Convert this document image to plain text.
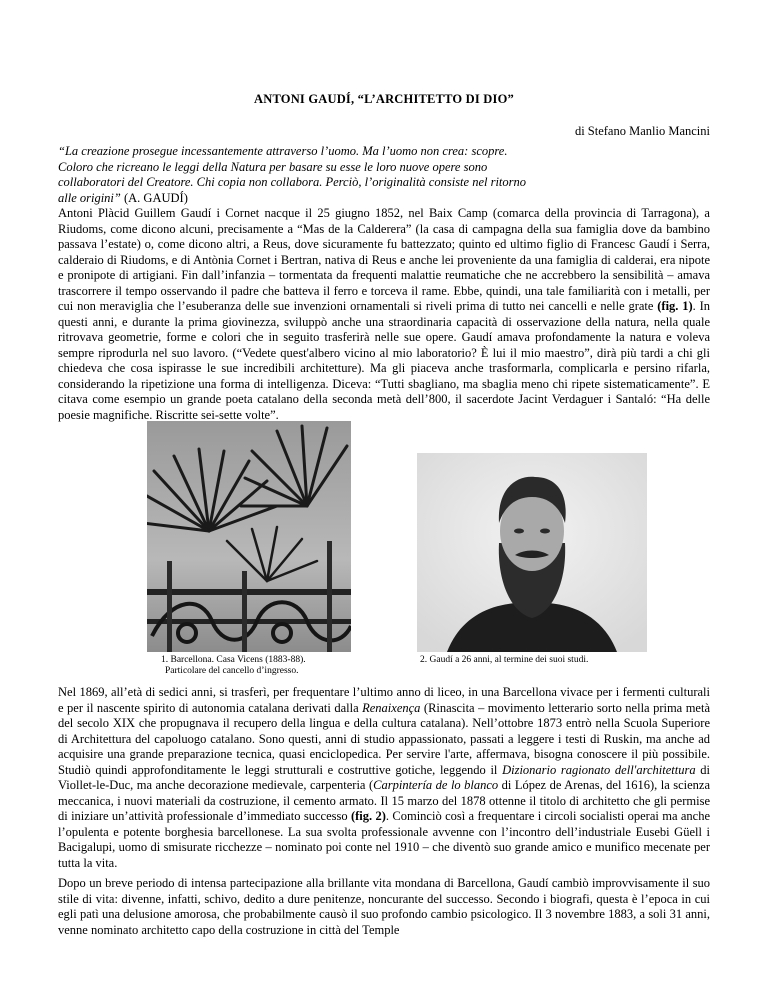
ANTONI GAUDÍ, “L’ARCHITETTO DI DIO”
di Stefano Manlio Mancini
“La creazione prosegue incessantemente attraverso l’uomo. Ma l’uomo non crea: scopre. Coloro che ricreano le leggi della Natura per basare su esse le loro nuove opere sono collaboratori del Creatore. Chi copia non collabora. Perciò, l’originalità consiste nel ritorno alle origini” (A. GAUDÍ)

Antoni Plàcid Guillem Gaudí i Cornet nacque il 25 giugno 1852, nel Baix Camp (comarca della provincia di Tarragona), a Riudoms, come dicono alcuni, precisamente a “Mas de la Calderera” (la casa di campagna della sua famiglia dove da bambino passava l’estate) o, come dicono altri, a Reus, dove sicuramente fu battezzato; quinto ed ultimo figlio di Francesc Gaudí i Serra, calderaio di Riudoms, e di Antònia Cornet i Bertran, nativa di Reus e anche lei proveniente da una famiglia di calderai, era nipote e pronipote di artigiani. Fin dall’infanzia – tormentata da frequenti malattie reumatiche che ne accrebbero la sensibilità – amava trascorrere il tempo osservando il padre che batteva il ferro e torceva il rame. Ebbe, quindi, una tale familiarità con i metalli, per cui non meraviglia che l’esuberanza delle sue invenzioni ornamentali si riveli prima di tutto nei cancelli e nelle grate (fig. 1). In questi anni, e durante la prima giovinezza, sviluppò anche una straordinaria capacità di osservazione della natura, nella quale ritrovava geometrie, forme e colori che in seguito trasferirà nelle sue opere. Gaudí amava profondamente la natura e voleva sempre riprodurla nel suo lavoro. (“Vedete quest'albero vicino al mio laboratorio? È lui il mio maestro”, dirà più tardi a chi gli chiedeva che cosa ispirasse le sue incredibili architetture). Ma gli piaceva anche trasformarla, complicarla e persino rifarla, considerando la ripetizione una forma di intelligenza. Diceva: “Tutti sbagliano, ma sbaglia meno chi ripete sistematicamente”. E citava come esempio un grande poeta catalano della seconda metà dell’800, il sacerdote Jacint Verdaguer i Santaló: “Ha delle poesie magnifiche. Riscritte sei-sette volte”.

1. Barcellona. Casa Vicens (1883-88).
Particolare del cancello d’ingresso.
2. Gaudí a 26 anni, al termine dei suoi studi.

Nel 1869, all’età di sedici anni, si trasferì, per frequentare l’ultimo anno di liceo, in una Barcellona vivace per i fermenti culturali e per il nascente spirito di autonomia catalana derivati dalla Renaixença (Rinascita – movimento letterario sorto nella prima metà del secolo XIX che propugnava il recupero della lingua e della cultura catalana). Nell’ottobre 1873 entrò nella Scuola Superiore di Architettura del capoluogo catalano. Sono questi, anni di studio appassionato, passati a leggere i testi di Ruskin, ma anche ad acquisire una grande preparazione tecnica, quasi enciclopedica. Per servire l'arte, affermava, bisogna conoscere il più possibile. Studiò quindi approfonditamente le leggi strutturali e costruttive gotiche, leggendo il Dizionario ragionato dell'architettura di Viollet-le-Duc, ma anche decorazione medievale, carpenteria (Carpintería de lo blanco di López de Arenas, del 1616), la scienza meccanica, i nuovi materiali da costruzione, il cemento armato. Il 15 marzo del 1878 ottenne il titolo di architetto che gli permise di iniziare un’attività professionale d’immediato successo (fig. 2). Cominciò così a frequentare i circoli socialisti operai ma anche l’opulenta e potente borghesia barcellonese. La sua svolta professionale avvenne con l’incontro dell’industriale Eusebi Güell i Bacigalupi, uomo di smisurate ricchezze – nominato poi conte nel 1910 – che diventò suo grande amico e munifico mecenate per tutta la vita.

Dopo un breve periodo di intensa partecipazione alla brillante vita mondana di Barcellona, Gaudí cambiò improvvisamente il suo stile di vita: divenne, infatti, schivo, dedito a dure penitenze, noncurante del successo. Secondo i biografi, questa è l’epoca in cui egli patì una delusione amorosa, che probabilmente causò il suo profondo cambio psicologico. Il 3 novembre 1883, a soli 31 anni, venne nominato architetto capo della costruzione in città del Temple
